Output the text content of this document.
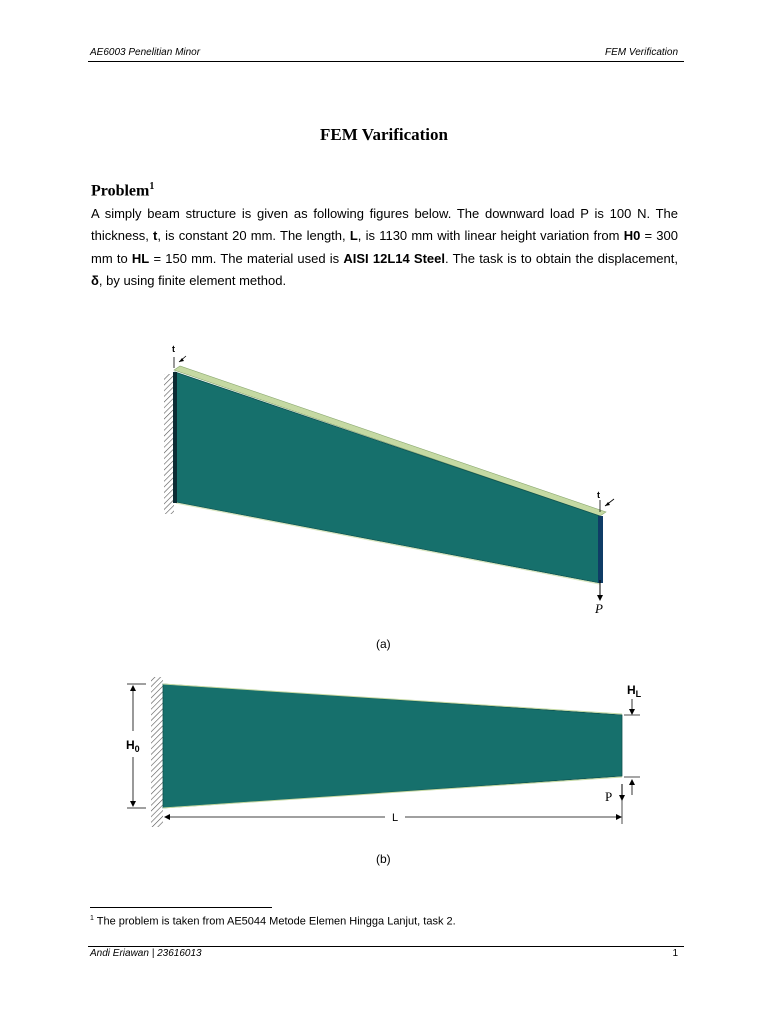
AE6003 Penelitian Minor	FEM Verification
FEM Varification
Problem$^1$
A simply beam structure is given as following figures below. The downward load P is 100 N. The thickness, t, is constant 20 mm. The length, L, is 1130 mm with linear height variation from H0 = 300 mm to HL = 150 mm. The material used is AISI 12L14 Steel. The task is to obtain the displacement, δ, by using finite element method.
t
t
P
(a)
$H_0$
$H_L$
P
L
(b)
$^1$ The problem is taken from AE5044 Metode Elemen Hingga Lanjut, task 2.
Andi Eriawan | 23616013	1
